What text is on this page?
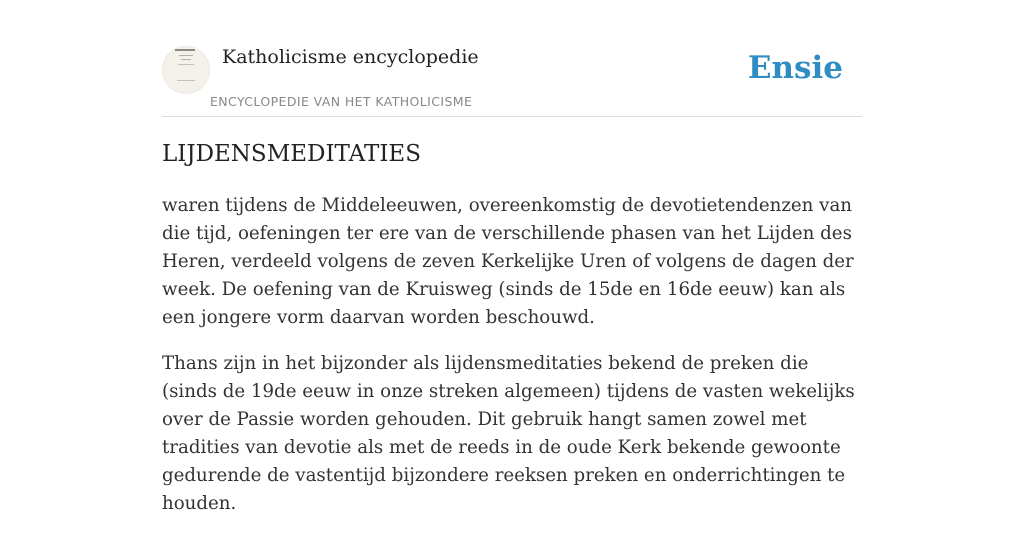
Katholicisme encyclopedie
ENCYCLOPEDIE VAN HET KATHOLICISME
Ensie
LIJDENSMEDITATIES

waren tijdens de Middeleeuwen, overeenkomstig de devotietendenzen van die tijd, oefeningen ter ere van de verschillende phasen van het Lijden des Heren, verdeeld volgens de zeven Kerkelijke Uren of volgens de dagen der week. De oefening van de Kruisweg (sinds de 15de en 16de eeuw) kan als een jongere vorm daarvan worden beschouwd.

Thans zijn in het bijzonder als lijdensmeditaties bekend de preken die (sinds de 19de eeuw in onze streken algemeen) tijdens de vasten wekelijks over de Passie worden gehouden. Dit gebruik hangt samen zowel met tradities van devotie als met de reeds in de oude Kerk bekende gewoonte gedurende de vastentijd bijzondere reeksen preken en onderrichtingen te houden.
